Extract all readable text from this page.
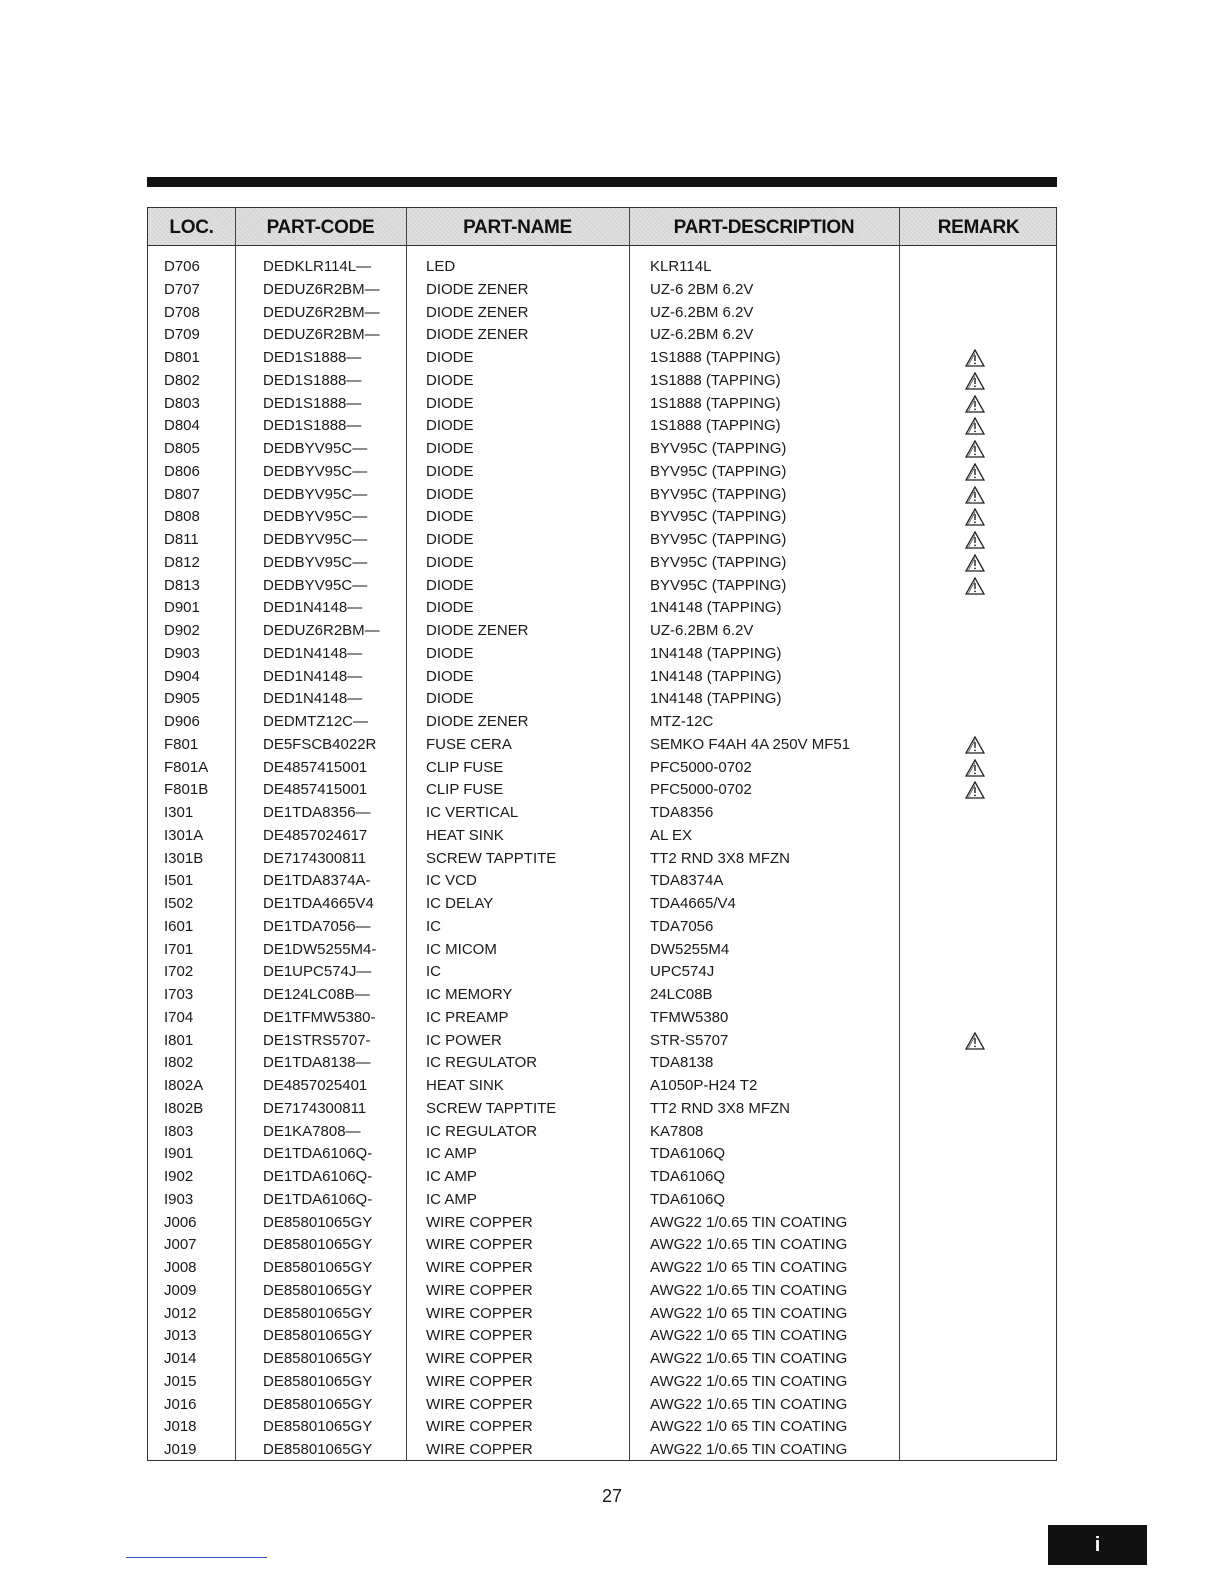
LOC.	PART-CODE	PART-NAME	PART-DESCRIPTION	REMARK
D706	DEDKLR114L—	LED	KLR114L
D707	DEDUZ6R2BM—	DIODE ZENER	UZ-6 2BM 6.2V
D708	DEDUZ6R2BM—	DIODE ZENER	UZ-6.2BM 6.2V
D709	DEDUZ6R2BM—	DIODE ZENER	UZ-6.2BM 6.2V
D801	DED1S1888—	DIODE	1S1888 (TAPPING)
D802	DED1S1888—	DIODE	1S1888 (TAPPING)
D803	DED1S1888—	DIODE	1S1888 (TAPPING)
D804	DED1S1888—	DIODE	1S1888 (TAPPING)
D805	DEDBYV95C—	DIODE	BYV95C (TAPPING)
D806	DEDBYV95C—	DIODE	BYV95C (TAPPING)
D807	DEDBYV95C—	DIODE	BYV95C (TAPPING)
D808	DEDBYV95C—	DIODE	BYV95C (TAPPING)
D811	DEDBYV95C—	DIODE	BYV95C (TAPPING)
D812	DEDBYV95C—	DIODE	BYV95C (TAPPING)
D813	DEDBYV95C—	DIODE	BYV95C (TAPPING)
D901	DED1N4148—	DIODE	1N4148 (TAPPING)
D902	DEDUZ6R2BM—	DIODE ZENER	UZ-6.2BM 6.2V
D903	DED1N4148—	DIODE	1N4148 (TAPPING)
D904	DED1N4148—	DIODE	1N4148 (TAPPING)
D905	DED1N4148—	DIODE	1N4148 (TAPPING)
D906	DEDMTZ12C—	DIODE ZENER	MTZ-12C
F801	DE5FSCB4022R	FUSE CERA	SEMKO F4AH 4A 250V MF51
F801A	DE4857415001	CLIP FUSE	PFC5000-0702
F801B	DE4857415001	CLIP FUSE	PFC5000-0702
I301	DE1TDA8356—	IC VERTICAL	TDA8356
I301A	DE4857024617	HEAT SINK	AL EX
I301B	DE7174300811	SCREW TAPPTITE	TT2 RND 3X8 MFZN
I501	DE1TDA8374A-	IC VCD	TDA8374A
I502	DE1TDA4665V4	IC DELAY	TDA4665/V4
I601	DE1TDA7056—	IC	TDA7056
I701	DE1DW5255M4-	IC MICOM	DW5255M4
I702	DE1UPC574J—	IC	UPC574J
I703	DE124LC08B—	IC MEMORY	24LC08B
I704	DE1TFMW5380-	IC PREAMP	TFMW5380
I801	DE1STRS5707-	IC POWER	STR-S5707
I802	DE1TDA8138—	IC REGULATOR	TDA8138
I802A	DE4857025401	HEAT SINK	A1050P-H24 T2
I802B	DE7174300811	SCREW TAPPTITE	TT2 RND 3X8 MFZN
I803	DE1KA7808—	IC REGULATOR	KA7808
I901	DE1TDA6106Q-	IC AMP	TDA6106Q
I902	DE1TDA6106Q-	IC AMP	TDA6106Q
I903	DE1TDA6106Q-	IC AMP	TDA6106Q
J006	DE85801065GY	WIRE COPPER	AWG22 1/0.65 TIN COATING
J007	DE85801065GY	WIRE COPPER	AWG22 1/0.65 TIN COATING
J008	DE85801065GY	WIRE COPPER	AWG22 1/0 65 TIN COATING
J009	DE85801065GY	WIRE COPPER	AWG22 1/0.65 TIN COATING
J012	DE85801065GY	WIRE COPPER	AWG22 1/0 65 TIN COATING
J013	DE85801065GY	WIRE COPPER	AWG22 1/0 65 TIN COATING
J014	DE85801065GY	WIRE COPPER	AWG22 1/0.65 TIN COATING
J015	DE85801065GY	WIRE COPPER	AWG22 1/0.65 TIN COATING
J016	DE85801065GY	WIRE COPPER	AWG22 1/0.65 TIN COATING
J018	DE85801065GY	WIRE COPPER	AWG22 1/0 65 TIN COATING
J019	DE85801065GY	WIRE COPPER	AWG22 1/0.65 TIN COATING
27
i
